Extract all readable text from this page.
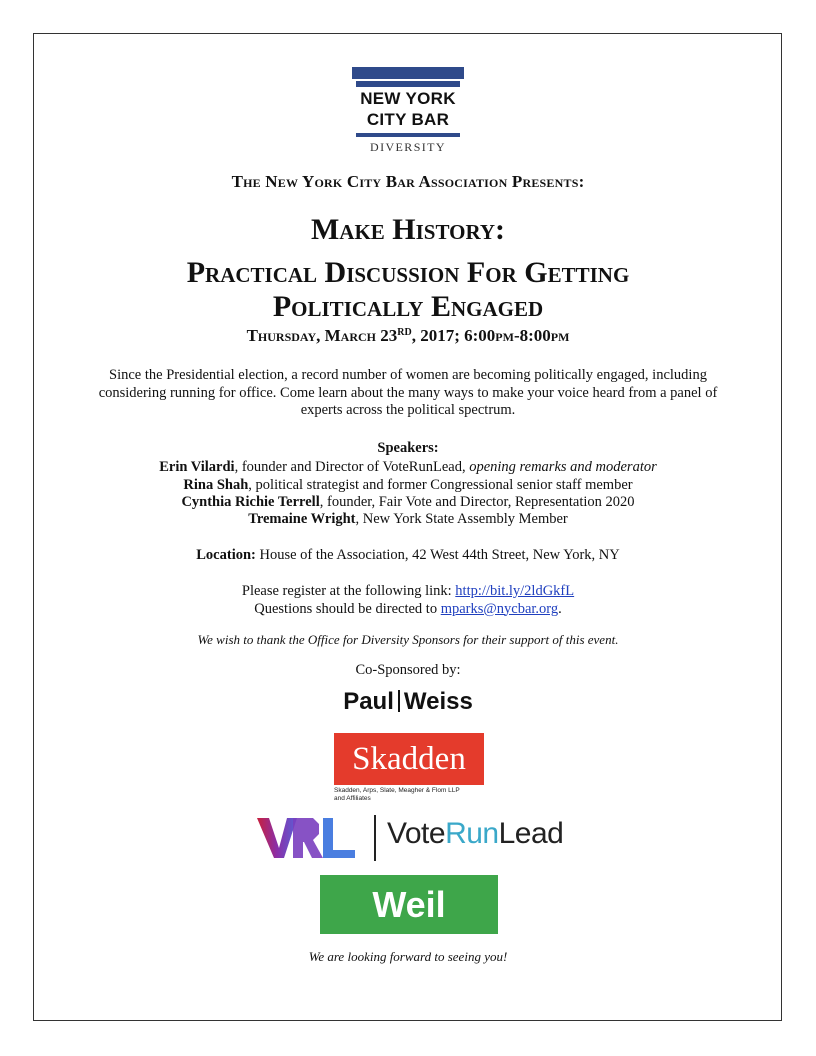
NEW YORK
CITY BAR
DIVERSITY
The New York City Bar Association Presents:
Make History:
Practical Discussion For Getting
Politically Engaged
Thursday, March 23RD, 2017; 6:00pm-8:00pm
Since the Presidential election, a record number of women are becoming politically engaged, including considering running for office. Come learn about the many ways to make your voice heard from a panel of experts across the political spectrum.
Speakers:
Erin Vilardi, founder and Director of VoteRunLead, opening remarks and moderator
Rina Shah, political strategist and former Congressional senior staff member
Cynthia Richie Terrell, founder, Fair Vote and Director, Representation 2020
Tremaine Wright, New York State Assembly Member
Location: House of the Association, 42 West 44th Street, New York, NY
Please register at the following link: http://bit.ly/2ldGkfL
Questions should be directed to mparks@nycbar.org.
We wish to thank the Office for Diversity Sponsors for their support of this event.
Co-Sponsored by:
Paul Weiss
Skadden
Skadden, Arps, Slate, Meagher & Flom LLP
and Affiliates
VoteRunLead
Weil
We are looking forward to seeing you!
